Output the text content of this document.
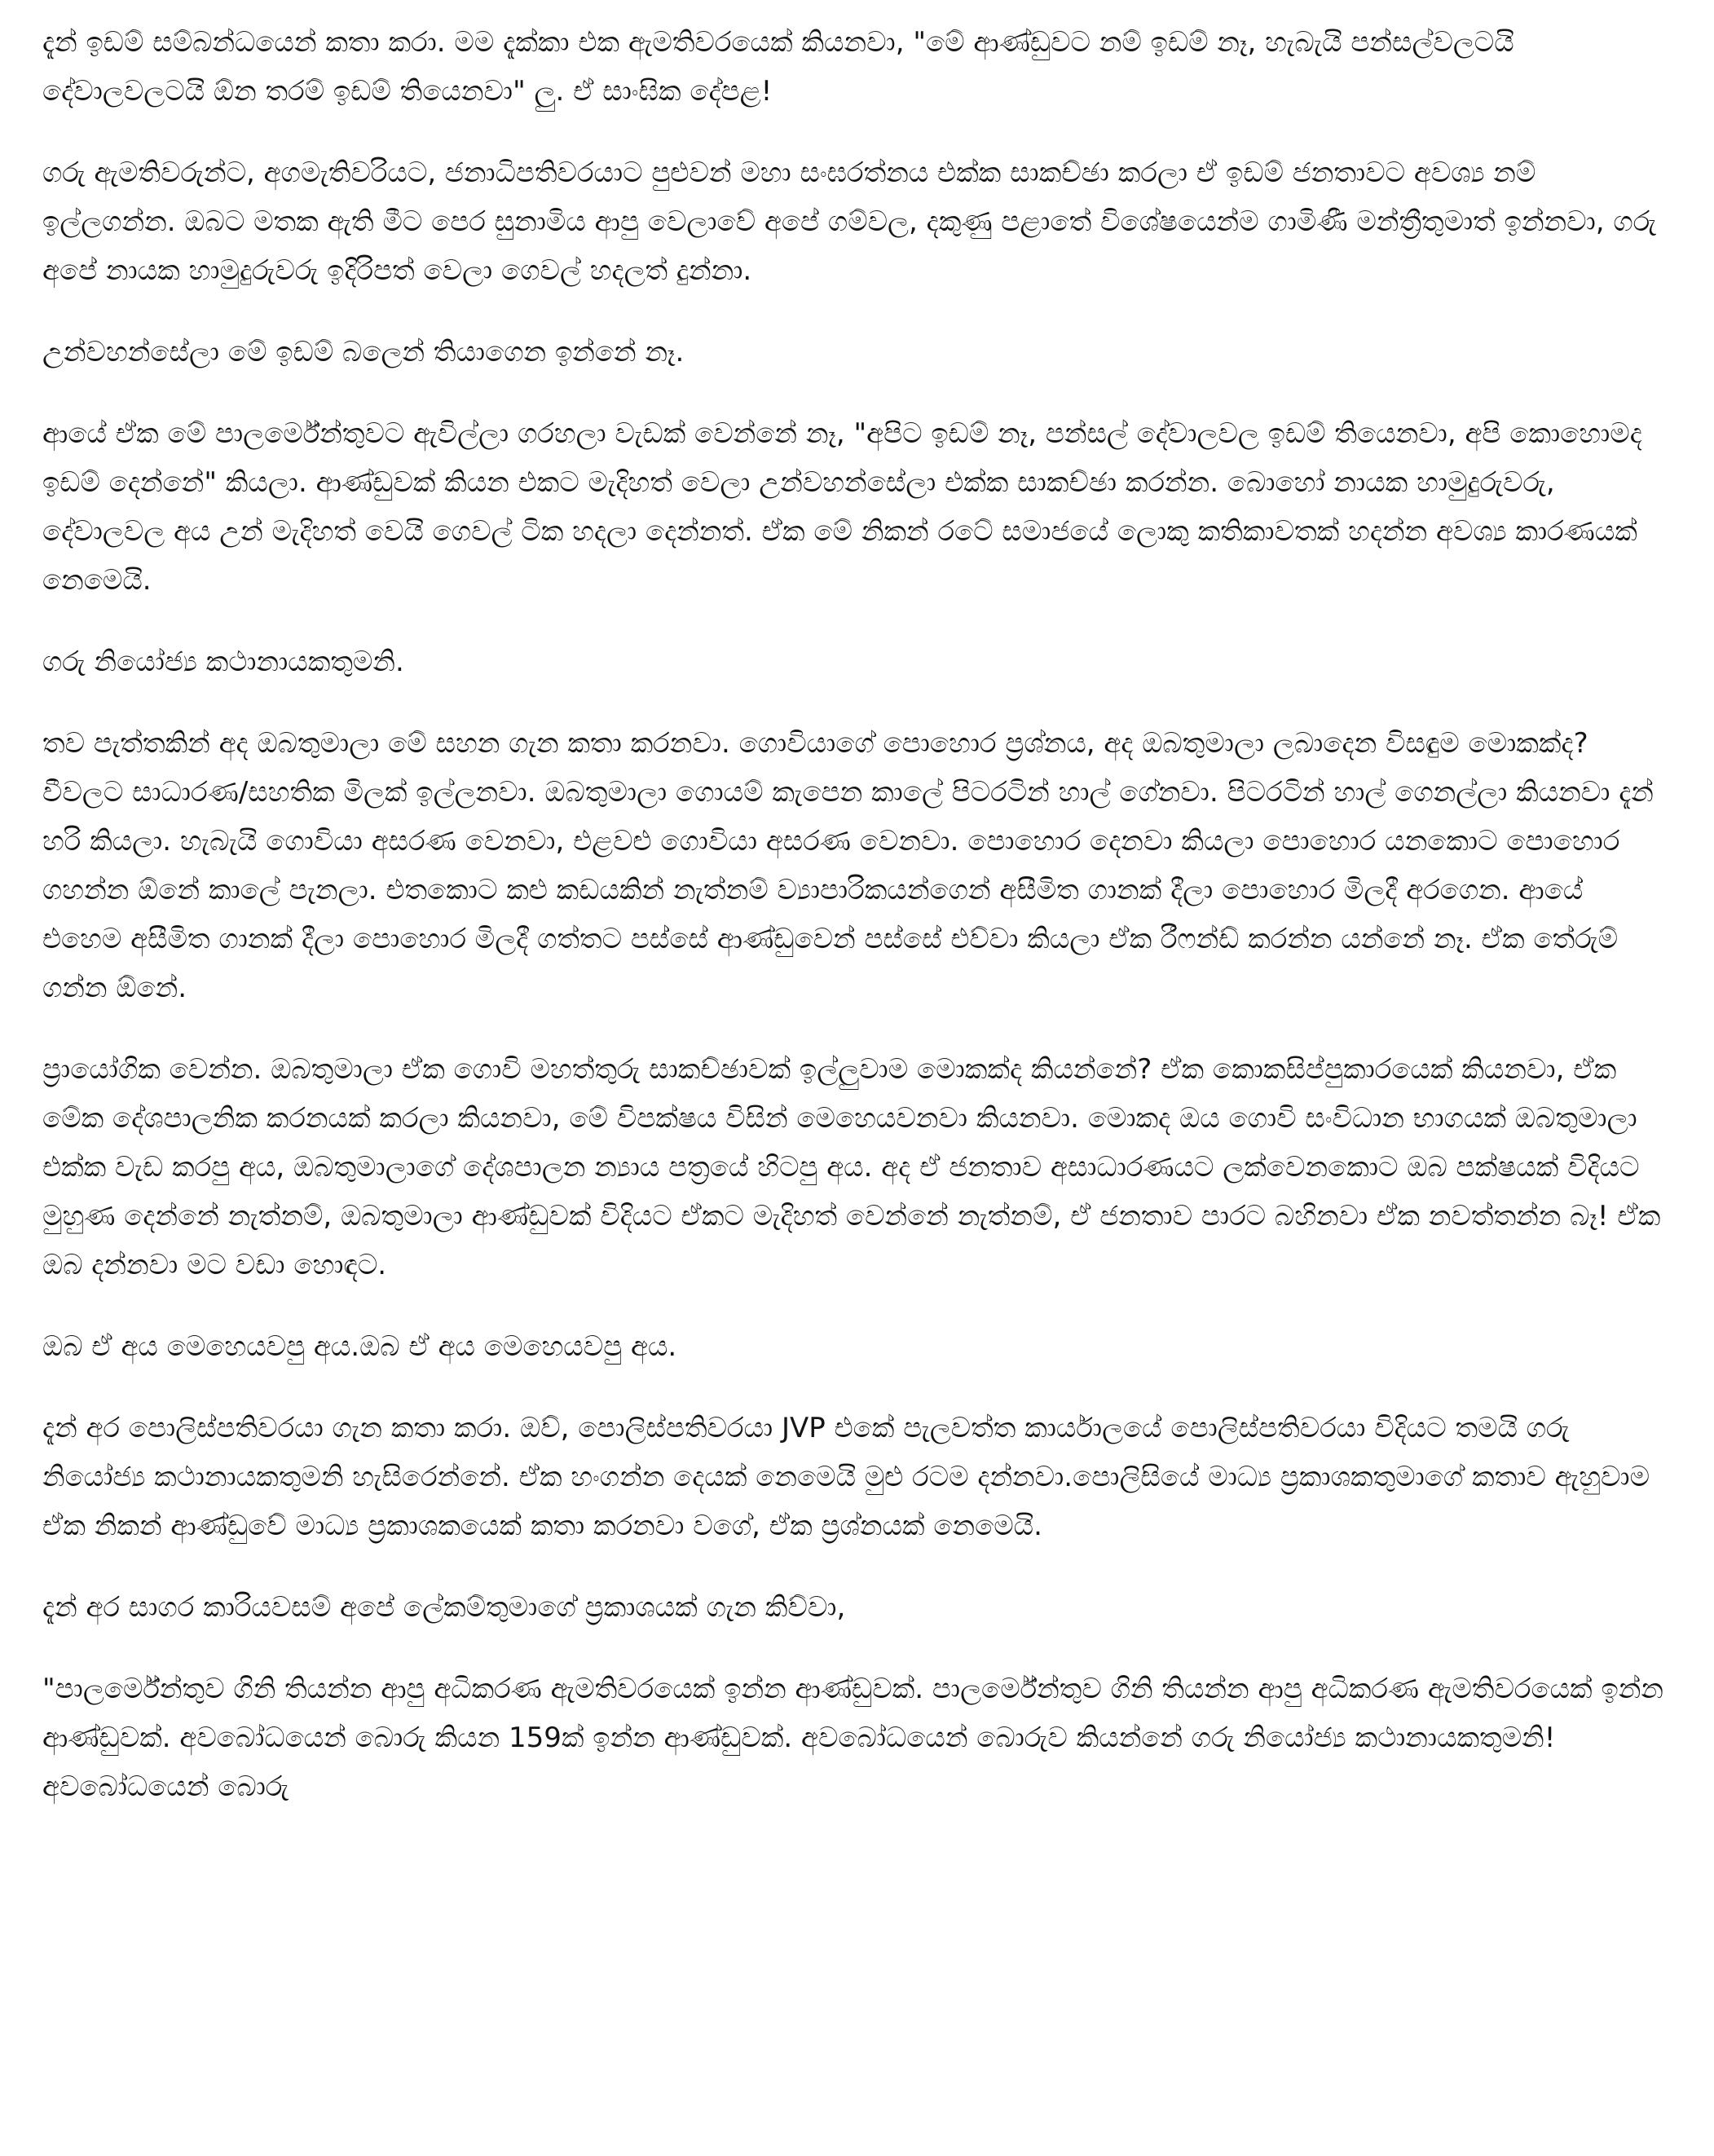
දැන් ඉඩම් සම්බන්ධයෙන් කතා කරා. මම දැක්කා එක ඇමතිවරයෙක් කියනවා, "මේ ආණ්ඩුවට නම් ඉඩම් නෑ, හැබැයි පන්සල්වලටයි දේවාලවලටයි ඕන තරම් ඉඩම් තියෙනවා" ලු. ඒ සාංඝික දේපළ!

ගරු ඇමතිවරුන්ට, අගමැතිවරියට, ජනාධිපතිවරයාට පුළුවන් මහා සංඝරත්නය එක්ක සාකච්ඡා කරලා ඒ ඉඩම් ජනතාවට අවශ්‍ය නම් ඉල්ලගන්න. ඔබට මතක ඇති මීට පෙර සුනාමිය ආපු වෙලාවේ අපේ ගම්වල, දකුණු පළාතේ විශේෂයෙන්ම ගාමිණී මන්ත්‍රීතුමාත් ඉන්නවා, ගරු අපේ නායක හාමුදුරුවරු ඉදිරිපත් වෙලා ගෙවල් හදලත් දුන්නා.

උන්වහන්සේලා මේ ඉඩම් බලෙන් තියාගෙන ඉන්නේ නෑ.

ආයේ ඒක මේ පාලර්මේන්තුවට ඇවිල්ලා ගරහලා වැඩක් වෙන්නේ නෑ, "අපිට ඉඩම් නෑ, පන්සල් දේවාලවල ඉඩම් තියෙනවා, අපි කොහොමද ඉඩම් දෙන්නේ" කියලා. ආණ්ඩුවක් කියන එකට මැදිහත් වෙලා උන්වහන්සේලා එක්ක සාකච්ඡා කරන්න. බොහෝ නායක හාමුදුරුවරු, දේවාලවල අය උන් මැදිහත් වෙයි ගෙවල් ටික හදලා දෙන්නත්. ඒක මේ නිකන් රටේ සමාජයේ ලොකු කතිකාවතක් හදන්න අවශ්‍ය කාරණයක් නෙමෙයි.

ගරු නියෝජ්‍ය කථානායකතුමනි.

තව පැත්තකින් අද ඔබතුමාලා මේ සහන ගැන කතා කරනවා. ගොවියාගේ පොහොර ප්‍රශ්නය, අද ඔබතුමාලා ලබාදෙන විසඳුම මොකක්ද? වීවලට සාධාරණ/සහතික මිලක් ඉල්ලනවා. ඔබතුමාලා ගොයම් කැපෙන කාලේ පිටරටින් හාල් ගේනවා. පිටරටින් හාල් ගෙනල්ලා කියනවා දැන් හරි කියලා. හැබැයි ගොවියා අසරණ වෙනවා, එළවළු ගොවියා අසරණ වෙනවා. පොහොර දෙනවා කියලා පොහොර යනකොට පොහොර ගහන්න ඕනේ කාලේ පැනලා. එතකොට කළු කඩයකින් නැත්නම් ව්‍යාපාරිකයන්ගෙන් අසීමිත ගානක් දීලා පොහොර මිලදී අරගෙන. ආයේ එහෙම අසීමිත ගානක් දීලා පොහොර මිලදී ගත්තට පස්සේ ආණ්ඩුවෙන් පස්සේ එව්වා කියලා ඒක රීෆන්ඩ් කරන්න යන්නේ නෑ. ඒක තේරුම් ගන්න ඕනේ.

ප්‍රායෝගික වෙන්න. ඔබතුමාලා ඒක ගොවි මහත්තුරු සාකච්ඡාවක් ඉල්ලුවාම මොකක්ද කියන්නේ? ඒක කොකසිප්පුකාරයෙක් කියනවා, ඒක මේක දේශපාලනික කරනයක් කරලා කියනවා, මේ විපක්ෂය විසින් මෙහෙයවනවා කියනවා. මොකද ඔය ගොවි සංවිධාන භාගයක් ඔබතුමාලා එක්ක වැඩ කරපු අය, ඔබතුමාලාගේ දේශපාලන න්‍යාය පත්‍රයේ හිටපු අය. අද ඒ ජනතාව අසාධාරණයට ලක්වෙනකොට ඔබ පක්ෂයක් විදියට මුහුණ දෙන්නේ නැත්නම්, ඔබතුමාලා ආණ්ඩුවක් විදියට ඒකට මැදිහත් වෙන්නේ නැත්නම්, ඒ ජනතාව පාරට බහිනවා ඒක නවත්තන්න බෑ! ඒක ඔබ දන්නවා මට වඩා හොඳට.

ඔබ ඒ අය මෙහෙයවපු අය.ඔබ ඒ අය මෙහෙයවපු අය.

දැන් අර පොලිස්පතිවරයා ගැන කතා කරා. ඔව්, පොලිස්පතිවරයා JVP එකේ පැලවත්ත කාර්යාලයේ පොලිස්පතිවරයා විදියට තමයි ගරු නියෝජ්‍ය කථානායකතුමනි හැසිරෙන්නේ. ඒක හංගන්න දෙයක් නෙමෙයි මුළු රටම දන්නවා.පොලිසියේ මාධ්‍ය ප්‍රකාශකතුමාගේ කතාව ඇහුවාම ඒක නිකන් ආණ්ඩුවේ මාධ්‍ය ප්‍රකාශකයෙක් කතා කරනවා වගේ, ඒක ප්‍රශ්නයක් නෙමෙයි.

දැන් අර සාගර කාරියවසම් අපේ ලේකම්තුමාගේ ප්‍රකාශයක් ගැන කිව්වා,

"පාලර්මේන්තුව ගිනි තියන්න ආපු අධිකරණ ඇමතිවරයෙක් ඉන්න ආණ්ඩුවක්. පාලර්මේන්තුව ගිනි තියන්න ආපු අධිකරණ ඇමතිවරයෙක් ඉන්න ආණ්ඩුවක්. අවබෝධයෙන් බොරු කියන 159ක් ඉන්න ආණ්ඩුවක්. අවබෝධයෙන් බොරුව කියන්නේ ගරු නියෝජ්‍ය කථානායකතුමනි! අවබෝධයෙන් බොරු
